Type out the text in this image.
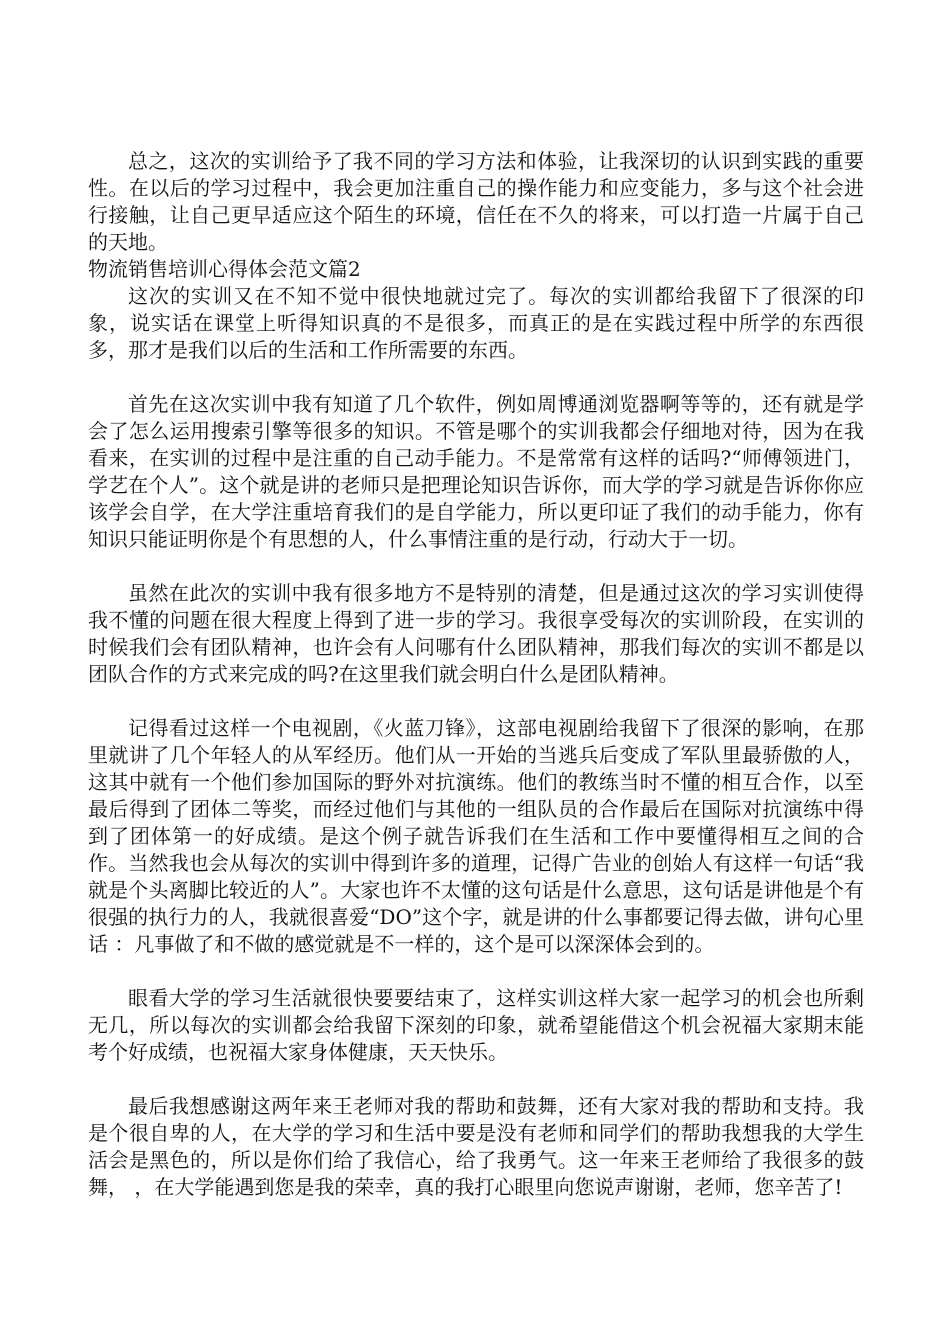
总之，这次的实训给予了我不同的学习方法和体验，让我深切的认识到实践的重要性。在以后的学习过程中，我会更加注重自己的操作能力和应变能力，多与这个社会进行接触，让自己更早适应这个陌生的环境，信任在不久的将来，可以打造一片属于自己的天地。

物流销售培训心得体会范文篇2

这次的实训又在不知不觉中很快地就过完了。每次的实训都给我留下了很深的印象，说实话在课堂上听得知识真的不是很多，而真正的是在实践过程中所学的东西很多，那才是我们以后的生活和工作所需要的东西。

首先在这次实训中我有知道了几个软件，例如周博通浏览器啊等等的，还有就是学会了怎么运用搜索引擎等很多的知识。不管是哪个的实训我都会仔细地对待，因为在我看来，在实训的过程中是注重的自己动手能力。不是常常有这样的话吗?“师傅领进门，学艺在个人”。这个就是讲的老师只是把理论知识告诉你，而大学的学习就是告诉你你应该学会自学，在大学注重培育我们的是自学能力，所以更印证了我们的动手能力，你有知识只能证明你是个有思想的人，什么事情注重的是行动，行动大于一切。

虽然在此次的实训中我有很多地方不是特别的清楚，但是通过这次的学习实训使得我不懂的问题在很大程度上得到了进一步的学习。我很享受每次的实训阶段，在实训的时候我们会有团队精神，也许会有人问哪有什么团队精神，那我们每次的实训不都是以团队合作的方式来完成的吗?在这里我们就会明白什么是团队精神。

记得看过这样一个电视剧，《火蓝刀锋》，这部电视剧给我留下了很深的影响，在那里就讲了几个年轻人的从军经历。他们从一开始的当逃兵后变成了军队里最骄傲的人，这其中就有一个他们参加国际的野外对抗演练。他们的教练当时不懂的相互合作，以至最后得到了团体二等奖，而经过他们与其他的一组队员的合作最后在国际对抗演练中得到了团体第一的好成绩。是这个例子就告诉我们在生活和工作中要懂得相互之间的合作。当然我也会从每次的实训中得到许多的道理，记得广告业的创始人有这样一句话“我就是个头离脚比较近的人”。大家也许不太懂的这句话是什么意思，这句话是讲他是个有很强的执行力的人，我就很喜爱“DO”这个字，就是讲的什么事都要记得去做，讲句心里话 ：凡事做了和不做的感觉就是不一样的，这个是可以深深体会到的。

眼看大学的学习生活就很快要要结束了，这样实训这样大家一起学习的机会也所剩无几，所以每次的实训都会给我留下深刻的印象，就希望能借这个机会祝福大家期末能考个好成绩，也祝福大家身体健康，天天快乐。

最后我想感谢这两年来王老师对我的帮助和鼓舞，还有大家对我的帮助和支持。我是个很自卑的人，在大学的学习和生活中要是没有老师和同学们的帮助我想我的大学生活会是黑色的，所以是你们给了我信心，给了我勇气。这一年来王老师给了我很多的鼓舞， ，在大学能遇到您是我的荣幸，真的我打心眼里向您说声谢谢，老师，您辛苦了!
